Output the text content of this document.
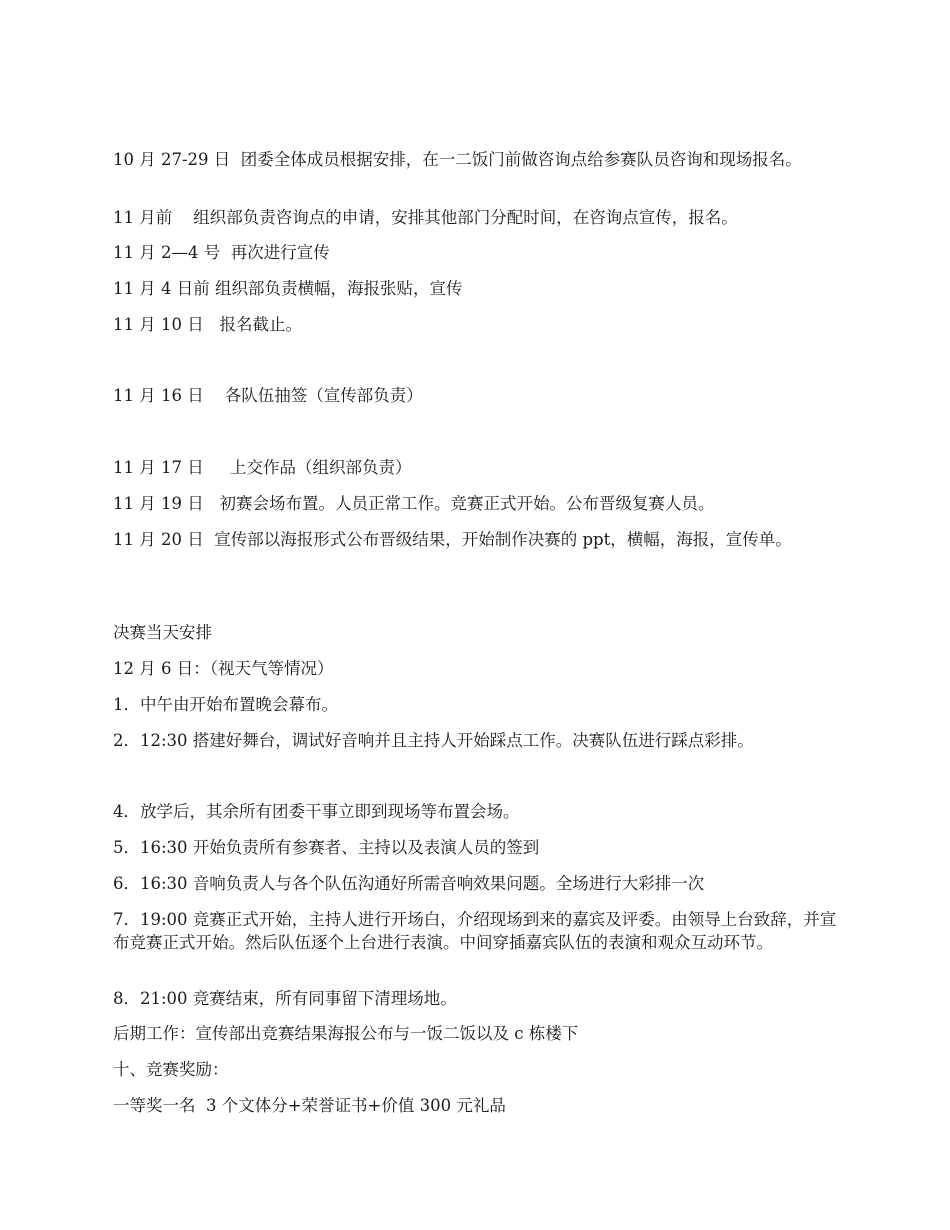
10 月 27-29 日  团委全体成员根据安排，在一二饭门前做咨询点给参赛队员咨询和现场报名。
11 月前    组织部负责咨询点的申请，安排其他部门分配时间，在咨询点宣传，报名。
11 月 2—4 号  再次进行宣传
11 月 4 日前 组织部负责横幅，海报张贴，宣传
11 月 10 日   报名截止。
11 月 16 日    各队伍抽签（宣传部负责）
11 月 17 日     上交作品（组织部负责）
11 月 19 日   初赛会场布置。人员正常工作。竞赛正式开始。公布晋级复赛人员。
11 月 20 日  宣传部以海报形式公布晋级结果，开始制作决赛的 ppt，横幅，海报，宣传单。
决赛当天安排
12 月 6 日：（视天气等情况）
1．中午由开始布置晚会幕布。
2．12:30 搭建好舞台，调试好音响并且主持人开始踩点工作。决赛队伍进行踩点彩排。
4．放学后，其余所有团委干事立即到现场等布置会场。
5．16:30 开始负责所有参赛者、主持以及表演人员的签到
6．16:30 音响负责人与各个队伍沟通好所需音响效果问题。全场进行大彩排一次
7．19:00 竞赛正式开始，主持人进行开场白，介绍现场到来的嘉宾及评委。由领导上台致辞，并宣布竞赛正式开始。然后队伍逐个上台进行表演。中间穿插嘉宾队伍的表演和观众互动环节。
8．21:00 竞赛结束，所有同事留下清理场地。
后期工作：宣传部出竞赛结果海报公布与一饭二饭以及 c 栋楼下
十、竞赛奖励：
一等奖一名  3 个文体分+荣誉证书+价值 300 元礼品
